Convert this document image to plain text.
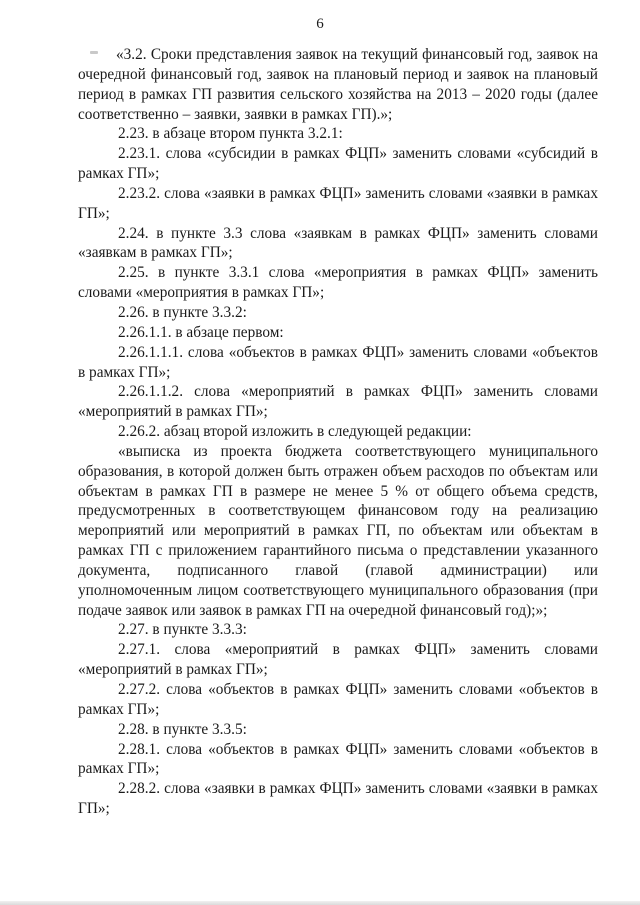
6

«3.2. Сроки представления заявок на текущий финансовый год, заявок на очередной финансовый год, заявок на плановый период и заявок на плановый период в рамках ГП развития сельского хозяйства на 2013 – 2020 годы (далее соответственно – заявки, заявки в рамках ГП).»;

2.23. в абзаце втором пункта 3.2.1:

2.23.1. слова «субсидии в рамках ФЦП» заменить словами «субсидий в рамках ГП»;

2.23.2. слова «заявки в рамках ФЦП» заменить словами «заявки в рамках ГП»;

2.24. в пункте 3.3 слова «заявкам в рамках ФЦП» заменить словами «заявкам в рамках ГП»;

2.25. в пункте 3.3.1 слова «мероприятия в рамках ФЦП» заменить словами «мероприятия в рамках ГП»;

2.26. в пункте 3.3.2:

2.26.1.1. в абзаце первом:

2.26.1.1.1. слова «объектов в рамках ФЦП» заменить словами «объектов в рамках ГП»;

2.26.1.1.2. слова «мероприятий в рамках ФЦП» заменить словами «мероприятий в рамках ГП»;

2.26.2. абзац второй изложить в следующей редакции:

«выписка из проекта бюджета соответствующего муниципального образования, в которой должен быть отражен объем расходов по объектам или объектам в рамках ГП в размере не менее 5 % от общего объема средств, предусмотренных в соответствующем финансовом году на реализацию мероприятий или мероприятий в рамках ГП, по объектам или объектам в рамках ГП с приложением гарантийного письма о представлении указанного документа, подписанного главой (главой администрации) или уполномоченным лицом соответствующего муниципального образования (при подаче заявок или заявок в рамках ГП на очередной финансовый год);»;

2.27. в пункте 3.3.3:

2.27.1. слова «мероприятий в рамках ФЦП» заменить словами «мероприятий в рамках ГП»;

2.27.2. слова «объектов в рамках ФЦП» заменить словами «объектов в рамках ГП»;

2.28. в пункте 3.3.5:

2.28.1. слова «объектов в рамках ФЦП» заменить словами «объектов в рамках ГП»;

2.28.2. слова «заявки в рамках ФЦП» заменить словами «заявки в рамках ГП»;
